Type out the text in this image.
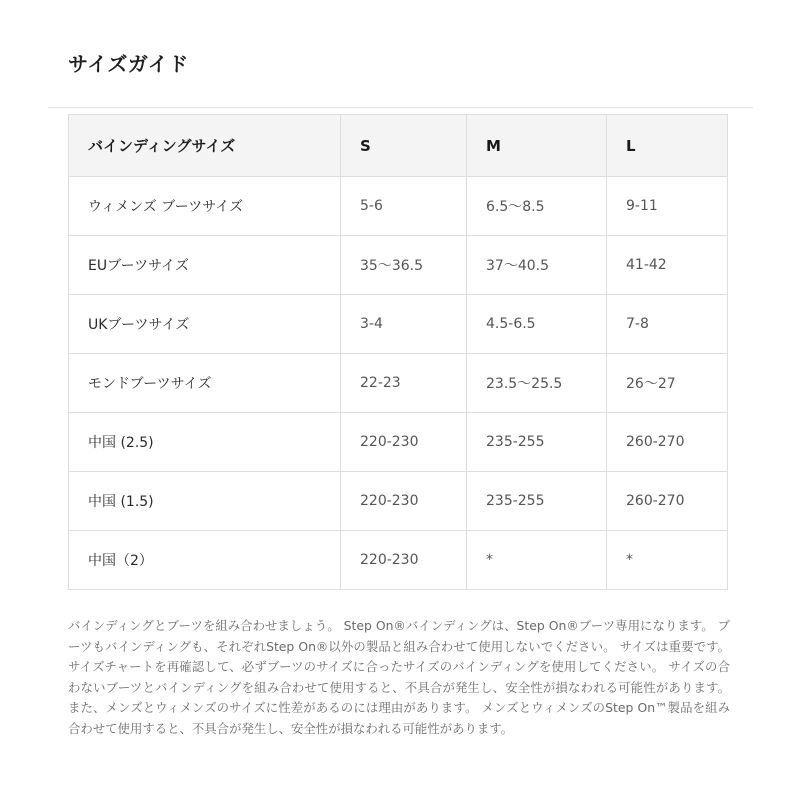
サイズガイド
バインディングサイズ	S	M	L
ウィメンズ ブーツサイズ	5-6	6.5〜8.5	9-11
EUブーツサイズ	35〜36.5	37〜40.5	41-42
UKブーツサイズ	3-4	4.5-6.5	7-8
モンドブーツサイズ	22-23	23.5〜25.5	26〜27
中国 (2.5)	220-230	235-255	260-270
中国 (1.5)	220-230	235-255	260-270
中国（2）	220-230	*	*

バインディングとブーツを組み合わせましょう。 Step On®バインディングは、Step On®ブーツ専用になります。 ブーツもバインディングも、それぞれStep On®以外の製品と組み合わせて使用しないでください。 サイズは重要です。 サイズチャートを再確認して、必ずブーツのサイズに合ったサイズのバインディングを使用してください。 サイズの合わないブーツとバインディングを組み合わせて使用すると、不具合が発生し、安全性が損なわれる可能性があります。 また、メンズとウィメンズのサイズに性差があるのには理由があります。 メンズとウィメンズのStep On™製品を組み合わせて使用すると、不具合が発生し、安全性が損なわれる可能性があります。
